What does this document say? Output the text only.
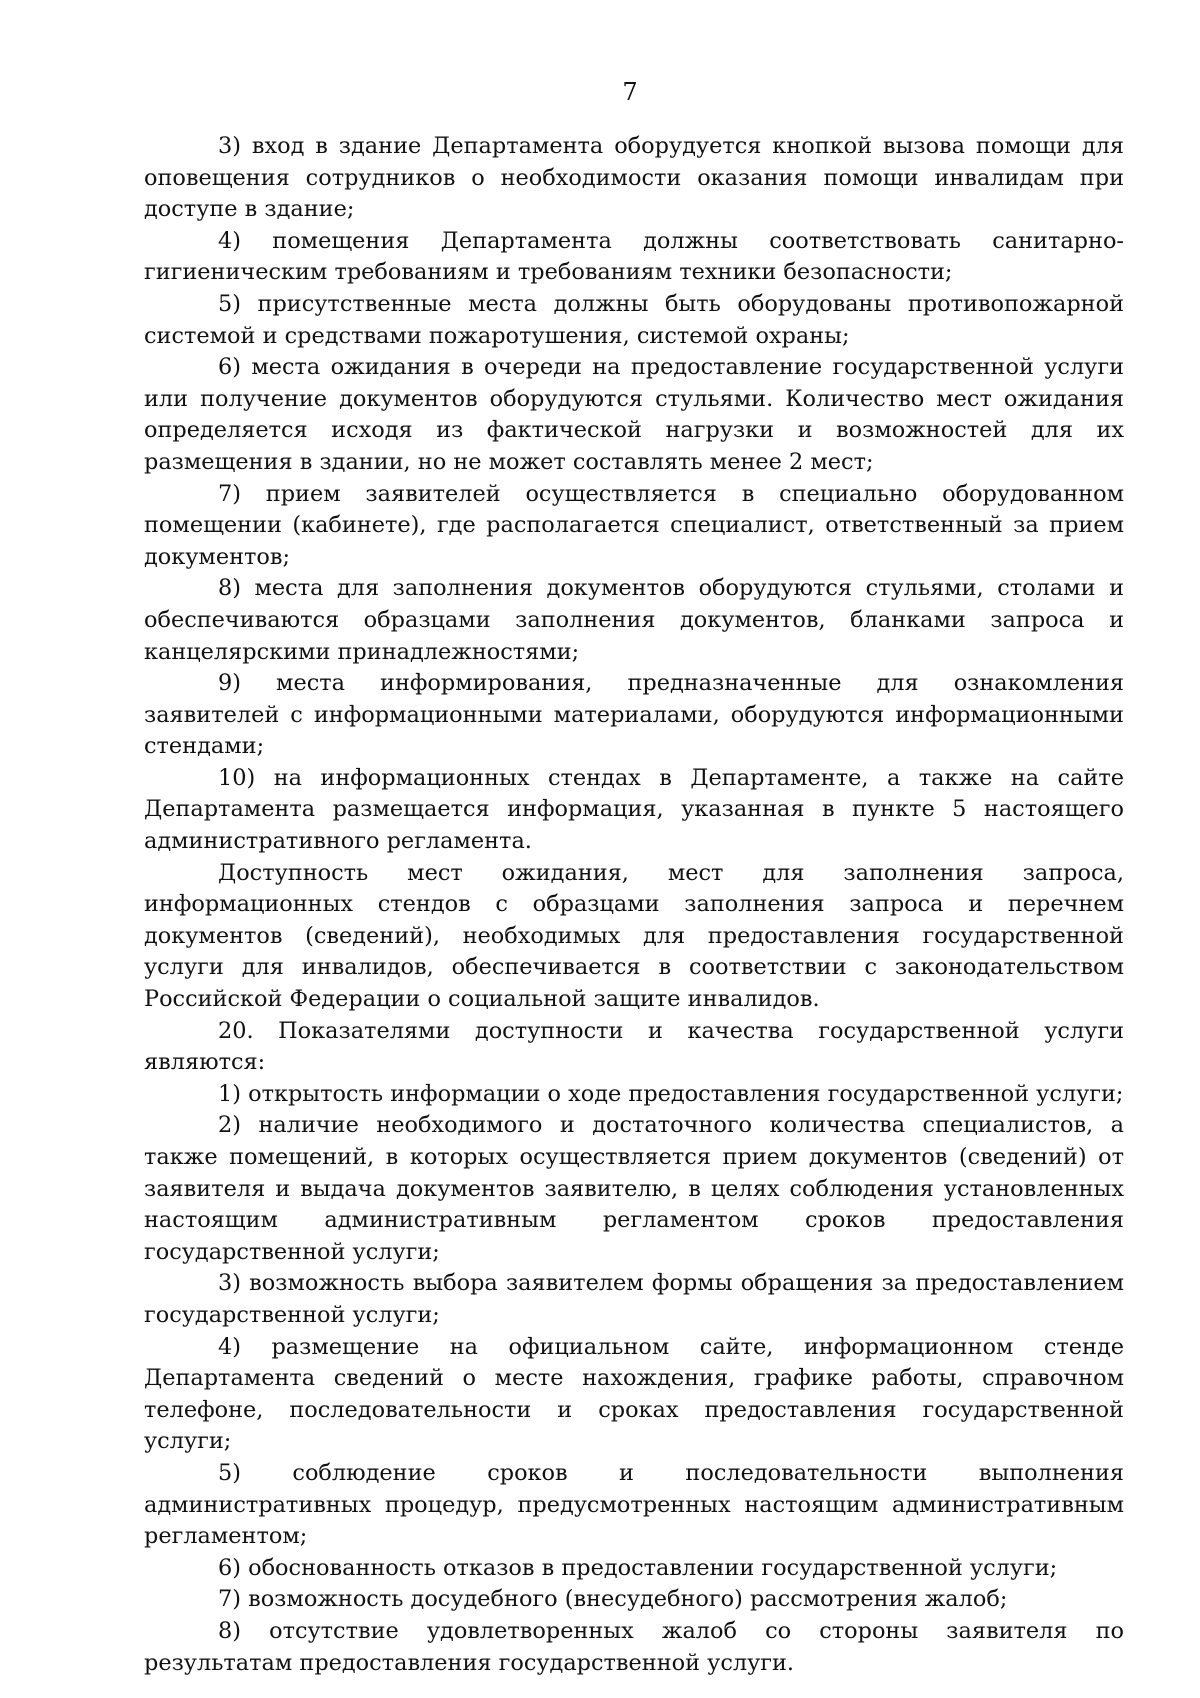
7

3) вход в здание Департамента оборудуется кнопкой вызова помощи для оповещения сотрудников о необходимости оказания помощи инвалидам при доступе в здание;

4) помещения Департамента должны соответствовать санитарно-гигиеническим требованиям и требованиям техники безопасности;

5) присутственные места должны быть оборудованы противопожарной системой и средствами пожаротушения, системой охраны;

6) места ожидания в очереди на предоставление государственной услуги или получение документов оборудуются стульями. Количество мест ожидания определяется исходя из фактической нагрузки и возможностей для их размещения в здании, но не может составлять менее 2 мест;

7) прием заявителей осуществляется в специально оборудованном помещении (кабинете), где располагается специалист, ответственный за прием документов;

8) места для заполнения документов оборудуются стульями, столами и обеспечиваются образцами заполнения документов, бланками запроса и канцелярскими принадлежностями;

9) места информирования, предназначенные для ознакомления заявителей с информационными материалами, оборудуются информационными стендами;

10) на информационных стендах в Департаменте, а также на сайте Департамента размещается информация, указанная в пункте 5 настоящего административного регламента.

Доступность мест ожидания, мест для заполнения запроса, информационных стендов с образцами заполнения запроса и перечнем документов (сведений), необходимых для предоставления государственной услуги для инвалидов, обеспечивается в соответствии с законодательством Российской Федерации о социальной защите инвалидов.

20. Показателями доступности и качества государственной услуги являются:

1) открытость информации о ходе предоставления государственной услуги;

2) наличие необходимого и достаточного количества специалистов, а также помещений, в которых осуществляется прием документов (сведений) от заявителя и выдача документов заявителю, в целях соблюдения установленных настоящим административным регламентом сроков предоставления государственной услуги;

3) возможность выбора заявителем формы обращения за предоставлением государственной услуги;

4) размещение на официальном сайте, информационном стенде Департамента сведений о месте нахождения, графике работы, справочном телефоне, последовательности и сроках предоставления государственной услуги;

5) соблюдение сроков и последовательности выполнения административных процедур, предусмотренных настоящим административным регламентом;

6) обоснованность отказов в предоставлении государственной услуги;

7) возможность досудебного (внесудебного) рассмотрения жалоб;

8) отсутствие удовлетворенных жалоб со стороны заявителя по результатам предоставления государственной услуги.
